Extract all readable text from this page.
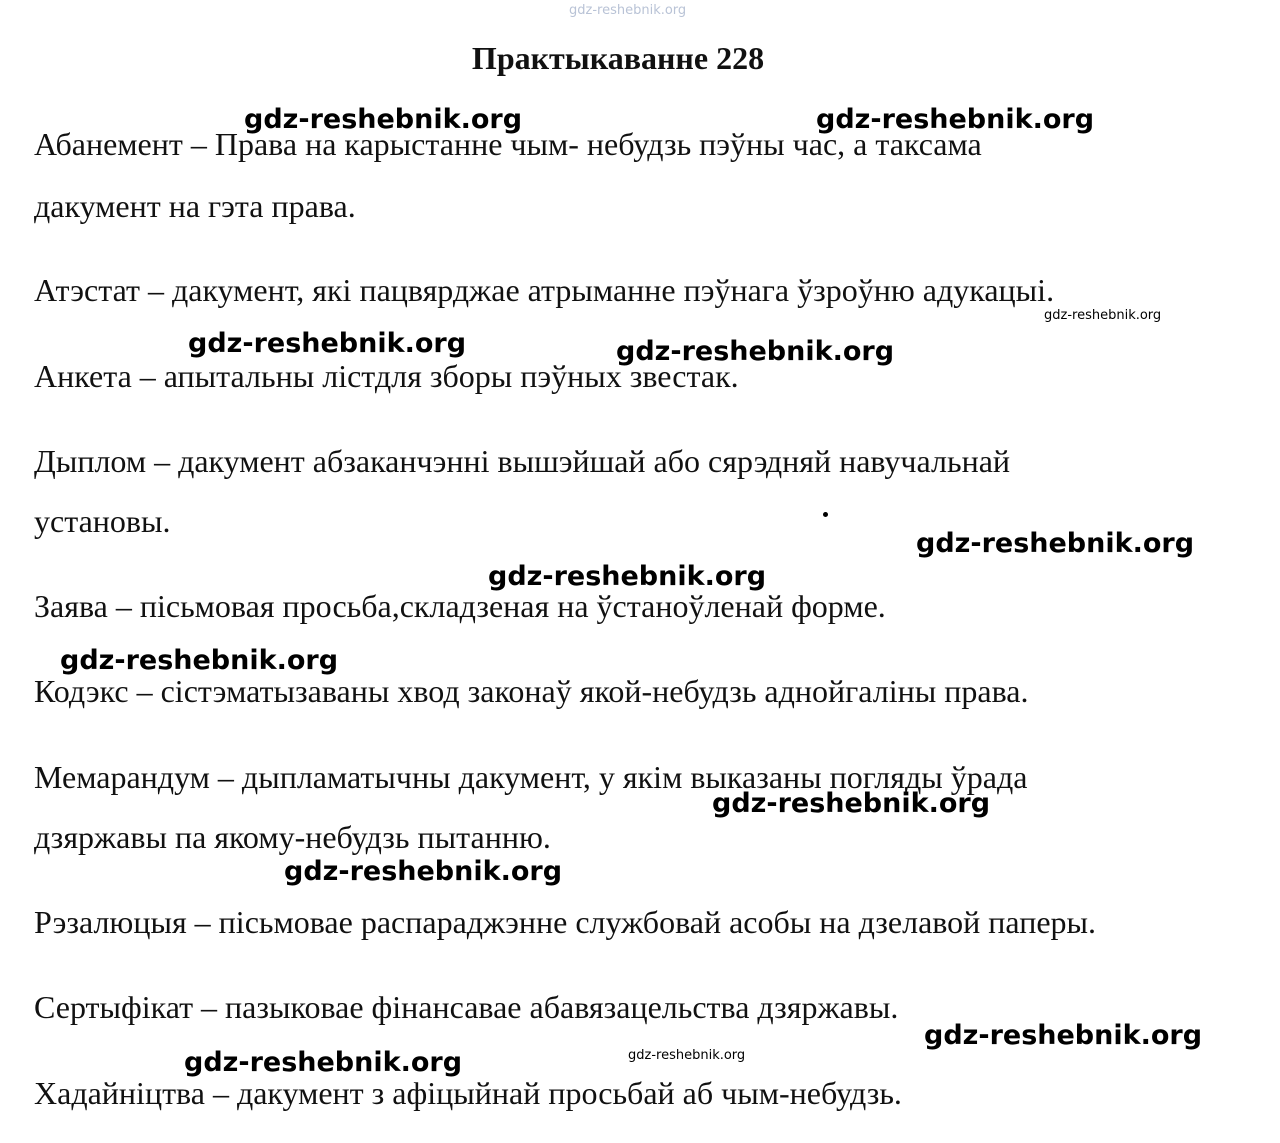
gdz-reshebnik.org
Практыкаванне 228

Абанемент – Права на карыстанне чым- небудзь пэўны час, а таксама

дакумент на гэта права.

Атэстат – дакумент, які пацвярджае атрыманне пэўнага ўзроўню адукацыі.

Анкета – апытальны лістдля зборы пэўных звестак.

Дыплом – дакумент абзаканчэнні вышэйшай або сярэдняй навучальнай

установы.

Заява – пісьмовая просьба,складзеная на ўстаноўленай форме.

Кодэкс – сістэматызаваны хвод законаў якой-небудзь аднойгаліны права.

Мемарандум – дыпламатычны дакумент, у якім выказаны погляды ўрада

дзяржавы па якому-небудзь пытанню.

Рэзалюцыя – пісьмовае распараджэнне службовай асобы на дзелавой паперы.

Сертыфікат – пазыковае фінансавае абавязацельства дзяржавы.

Хадайніцтва – дакумент з афіцыйнай просьбай аб чым-небудзь.

gdz-reshebnik.org	gdz-reshebnik.org
gdz-reshebnik.org
gdz-reshebnik.org	gdz-reshebnik.org
gdz-reshebnik.org
gdz-reshebnik.org
gdz-reshebnik.org
gdz-reshebnik.org
gdz-reshebnik.org
gdz-reshebnik.org
gdz-reshebnik.org
gdz-reshebnik.org
